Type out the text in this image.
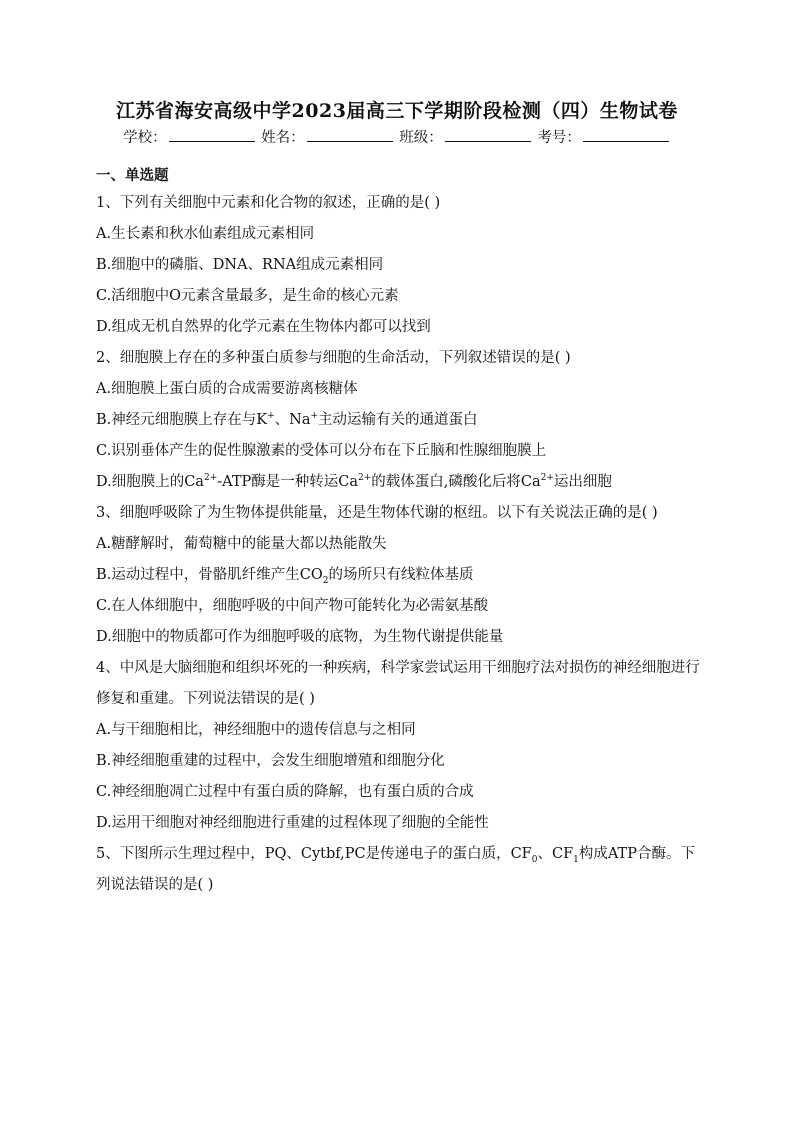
江苏省海安高级中学2023届高三下学期阶段检测（四）生物试卷
学校：	姓名：	班级：	考号：
一、单选题
1、下列有关细胞中元素和化合物的叙述，正确的是( )
A.生长素和秋水仙素组成元素相同
B.细胞中的磷脂、DNA、RNA组成元素相同
C.活细胞中O元素含量最多，是生命的核心元素
D.组成无机自然界的化学元素在生物体内都可以找到
2、细胞膜上存在的多种蛋白质参与细胞的生命活动，下列叙述错误的是( )
A.细胞膜上蛋白质的合成需要游离核糖体
B.神经元细胞膜上存在与K+、Na+主动运输有关的通道蛋白
C.识别垂体产生的促性腺激素的受体可以分布在下丘脑和性腺细胞膜上
D.细胞膜上的$Ca^{2+}$-ATP酶是一种转运$Ca^{2+}$的载体蛋白,磷酸化后将$Ca^{2+}$运出细胞
3、细胞呼吸除了为生物体提供能量，还是生物体代谢的枢纽。以下有关说法正确的是( )
A.糖酵解时，葡萄糖中的能量大都以热能散失
B.运动过程中，骨骼肌纤维产生$CO_2$的场所只有线粒体基质
C.在人体细胞中，细胞呼吸的中间产物可能转化为必需氨基酸
D.细胞中的物质都可作为细胞呼吸的底物，为生物代谢提供能量
4、中风是大脑细胞和组织坏死的一种疾病，科学家尝试运用干细胞疗法对损伤的神经细胞进行修复和重建。下列说法错误的是( )
A.与干细胞相比，神经细胞中的遗传信息与之相同
B.神经细胞重建的过程中，会发生细胞增殖和细胞分化
C.神经细胞凋亡过程中有蛋白质的降解，也有蛋白质的合成
D.运用干细胞对神经细胞进行重建的过程体现了细胞的全能性
5、下图所示生理过程中，PQ、Cytbf,PC是传递电子的蛋白质，$CF_0$、$CF_1$构成ATP合酶。下列说法错误的是( )
